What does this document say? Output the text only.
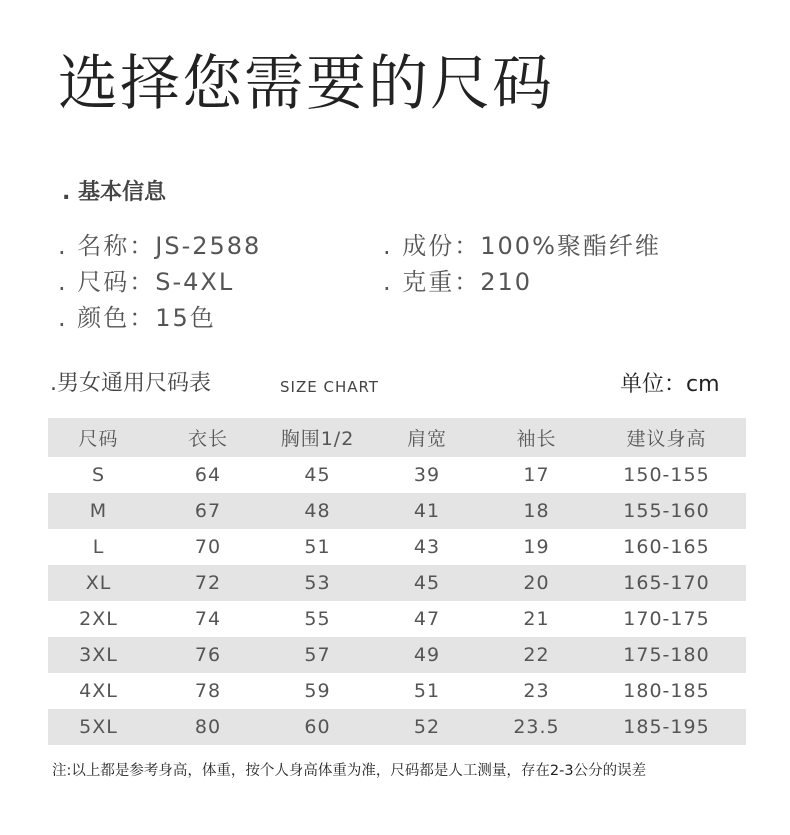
选择您需要的尺码
. 基本信息
. 名称：JS-2588	. 成份：100%聚酯纤维
. 尺码：S-4XL	. 克重：210
. 颜色：15色
.男女通用尺码表	SIZE CHART	单位：cm
尺码	衣长	胸围1/2	肩宽	袖长	建议身高
S	64	45	39	17	150-155
M	67	48	41	18	155-160
L	70	51	43	19	160-165
XL	72	53	45	20	165-170
2XL	74	55	47	21	170-175
3XL	76	57	49	22	175-180
4XL	78	59	51	23	180-185
5XL	80	60	52	23.5	185-195
注:以上都是参考身高，体重，按个人身高体重为准，尺码都是人工测量，存在2-3公分的误差
